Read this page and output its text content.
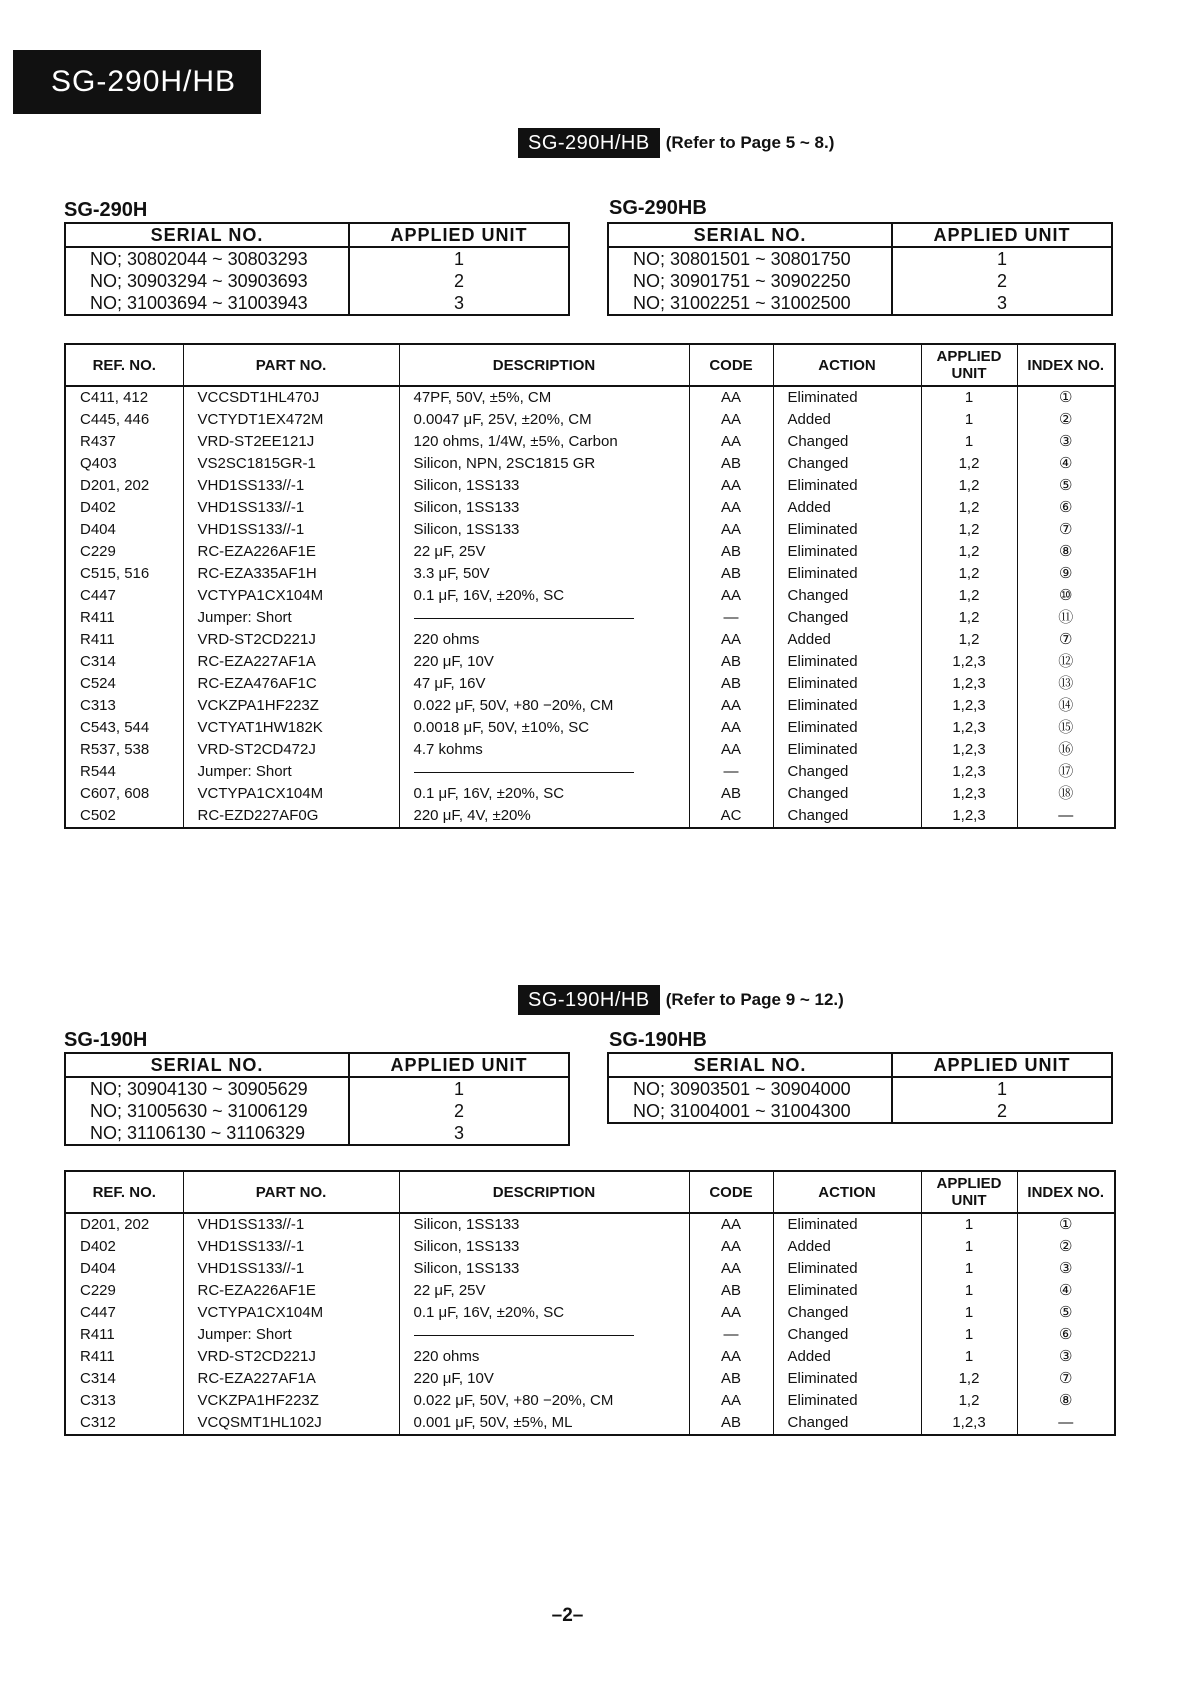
SG-290H/HB
SG-290H/HB (Refer to Page 5 ~ 8.)
SG-290H	SG-290HB
SERIAL NO.	APPLIED UNIT
NO; 30802044 ~ 30803293	1
NO; 30903294 ~ 30903693	2
NO; 31003694 ~ 31003943	3
SERIAL NO.	APPLIED UNIT
NO; 30801501 ~ 30801750	1
NO; 30901751 ~ 30902250	2
NO; 31002251 ~ 31002500	3
REF. NO.	PART NO.	DESCRIPTION	CODE	ACTION	APPLIED UNIT	INDEX NO.
C411, 412	VCCSDT1HL470J	47PF, 50V, ±5%, CM	AA	Eliminated	1	①
C445, 446	VCTYDT1EX472M	0.0047 μF, 25V, ±20%, CM	AA	Added	1	②
R437	VRD-ST2EE121J	120 ohms, 1/4W, ±5%, Carbon	AA	Changed	1	③
Q403	VS2SC1815GR-1	Silicon, NPN, 2SC1815 GR	AB	Changed	1,2	④
D201, 202	VHD1SS133//-1	Silicon, 1SS133	AA	Eliminated	1,2	⑤
D402	VHD1SS133//-1	Silicon, 1SS133	AA	Added	1,2	⑥
D404	VHD1SS133//-1	Silicon, 1SS133	AA	Eliminated	1,2	⑦
C229	RC-EZA226AF1E	22 μF, 25V	AB	Eliminated	1,2	⑧
C515, 516	RC-EZA335AF1H	3.3 μF, 50V	AB	Eliminated	1,2	⑨
C447	VCTYPA1CX104M	0.1 μF, 16V, ±20%, SC	AA	Changed	1,2	⑩
R411	Jumper: Short		—	Changed	1,2	⑪
R411	VRD-ST2CD221J	220 ohms	AA	Added	1,2	⑦
C314	RC-EZA227AF1A	220 μF, 10V	AB	Eliminated	1,2,3	⑫
C524	RC-EZA476AF1C	47 μF, 16V	AB	Eliminated	1,2,3	⑬
C313	VCKZPA1HF223Z	0.022 μF, 50V, +80 −20%, CM	AA	Eliminated	1,2,3	⑭
C543, 544	VCTYAT1HW182K	0.0018 μF, 50V, ±10%, SC	AA	Eliminated	1,2,3	⑮
R537, 538	VRD-ST2CD472J	4.7 kohms	AA	Eliminated	1,2,3	⑯
R544	Jumper: Short		—	Changed	1,2,3	⑰
C607, 608	VCTYPA1CX104M	0.1 μF, 16V, ±20%, SC	AB	Changed	1,2,3	⑱
C502	RC-EZD227AF0G	220 μF, 4V, ±20%	AC	Changed	1,2,3	—
SG-190H/HB (Refer to Page 9 ~ 12.)
SG-190H	SG-190HB
SERIAL NO.	APPLIED UNIT
NO; 30904130 ~ 30905629	1
NO; 31005630 ~ 31006129	2
NO; 31106130 ~ 31106329	3
SERIAL NO.	APPLIED UNIT
NO; 30903501 ~ 30904000	1
NO; 31004001 ~ 31004300	2
REF. NO.	PART NO.	DESCRIPTION	CODE	ACTION	APPLIED UNIT	INDEX NO.
D201, 202	VHD1SS133//-1	Silicon, 1SS133	AA	Eliminated	1	①
D402	VHD1SS133//-1	Silicon, 1SS133	AA	Added	1	②
D404	VHD1SS133//-1	Silicon, 1SS133	AA	Eliminated	1	③
C229	RC-EZA226AF1E	22 μF, 25V	AB	Eliminated	1	④
C447	VCTYPA1CX104M	0.1 μF, 16V, ±20%, SC	AA	Changed	1	⑤
R411	Jumper: Short		—	Changed	1	⑥
R411	VRD-ST2CD221J	220 ohms	AA	Added	1	③
C314	RC-EZA227AF1A	220 μF, 10V	AB	Eliminated	1,2	⑦
C313	VCKZPA1HF223Z	0.022 μF, 50V, +80 −20%, CM	AA	Eliminated	1,2	⑧
C312	VCQSMT1HL102J	0.001 μF, 50V, ±5%, ML	AB	Changed	1,2,3	—
–2–
